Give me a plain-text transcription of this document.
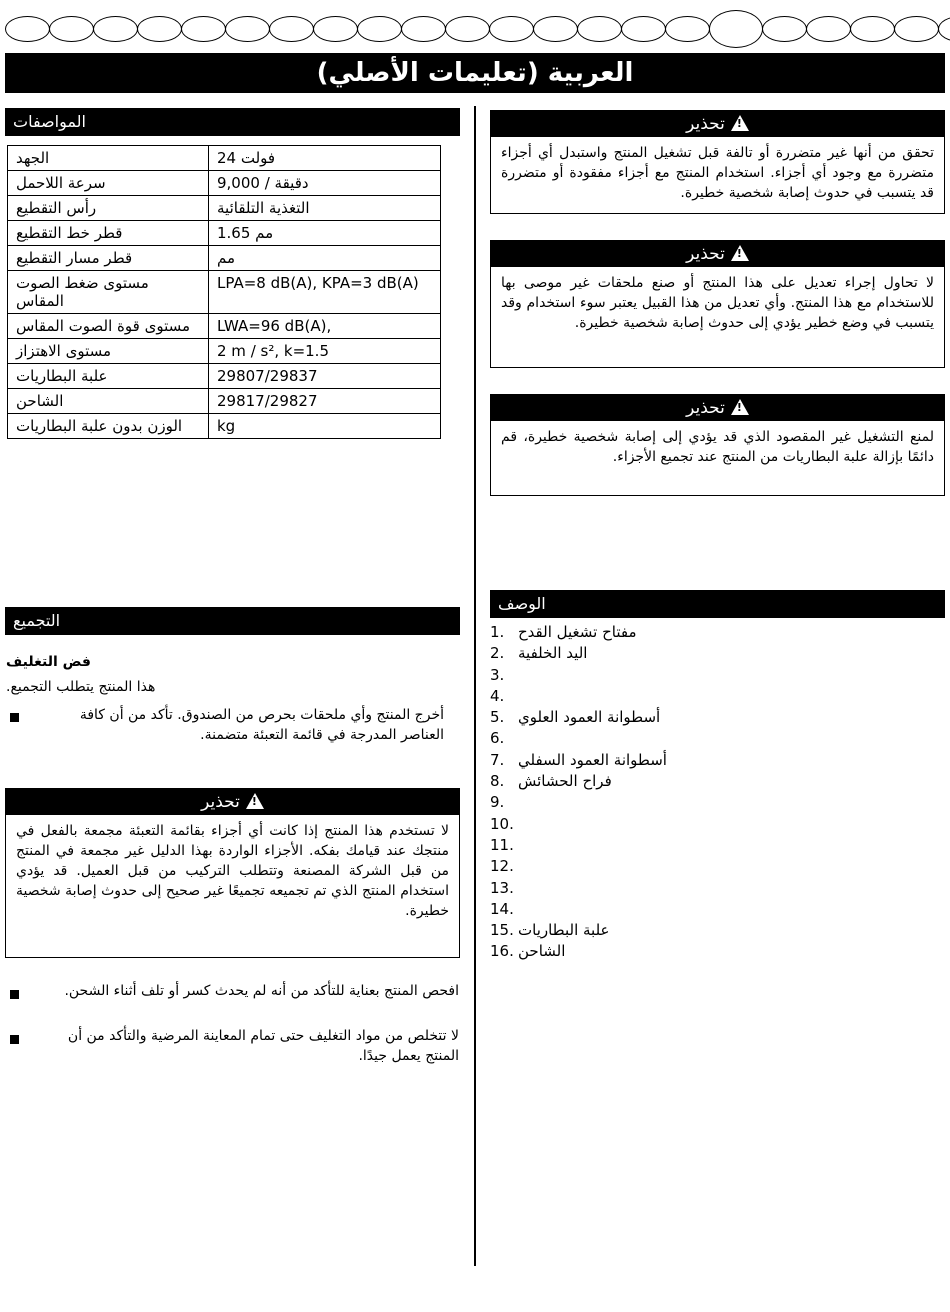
العربية (تعليمات الأصلي)
المواصفات
الجهد	24 فولت
سرعة اللاحمل	9,000 / دقيقة
رأس التقطيع	التغذية التلقائية
قطر خط التقطيع	1.65 مم
قطر مسار التقطيع	مم
مستوى ضغط الصوت المقاس	LPA=8 dB(A), KPA=3 dB(A)
مستوى قوة الصوت المقاس	LWA=96 dB(A),
مستوى الاهتزاز	2 m / s², k=1.5
علبة البطاريات	29807/29837
الشاحن	29817/29827
الوزن بدون علبة البطاريات	kg
التجميع
فض التغليف
هذا المنتج يتطلب التجميع.
أخرج المنتج وأي ملحقات بحرص من الصندوق. تأكد من أن كافة العناصر المدرجة في قائمة التعبئة متضمنة.
!تحذير
لا تستخدم هذا المنتج إذا كانت أي أجزاء بقائمة التعبئة مجمعة بالفعل في منتجك عند قيامك بفكه. الأجزاء الواردة بهذا الدليل غير مجمعة في المنتج من قبل الشركة المصنعة وتتطلب التركيب من قبل العميل. قد يؤدي استخدام المنتج الذي تم تجميعه تجميعًا غير صحيح إلى حدوث إصابة شخصية خطيرة.
افحص المنتج بعناية للتأكد من أنه لم يحدث كسر أو تلف أثناء الشحن.
لا تتخلص من مواد التغليف حتى تمام المعاينة المرضية والتأكد من أن المنتج يعمل جيدًا.
!تحذير
تحقق من أنها غير متضررة أو تالفة قبل تشغيل المنتج واستبدل أي أجزاء متضررة مع وجود أي أجزاء. استخدام المنتج مع أجزاء مفقودة أو متضررة قد يتسبب في حدوث إصابة شخصية خطيرة.
!تحذير
لا تحاول إجراء تعديل على هذا المنتج أو صنع ملحقات غير موصى بها للاستخدام مع هذا المنتج. وأي تعديل من هذا القبيل يعتبر سوء استخدام وقد يتسبب في وضع خطير يؤدي إلى حدوث إصابة شخصية خطيرة.
!تحذير
لمنع التشغيل غير المقصود الذي قد يؤدي إلى إصابة شخصية خطيرة، قم دائمًا بإزالة علبة البطاريات من المنتج عند تجميع الأجزاء.
الوصف
1. مفتاح تشغيل القدح
2. اليد الخلفية
3.
4.
5. أسطوانة العمود العلوي
6.
7. أسطوانة العمود السفلي
8. فراح الحشائش
9.
10.
11.
12.
13.
14.
15. علبة البطاريات
16. الشاحن
